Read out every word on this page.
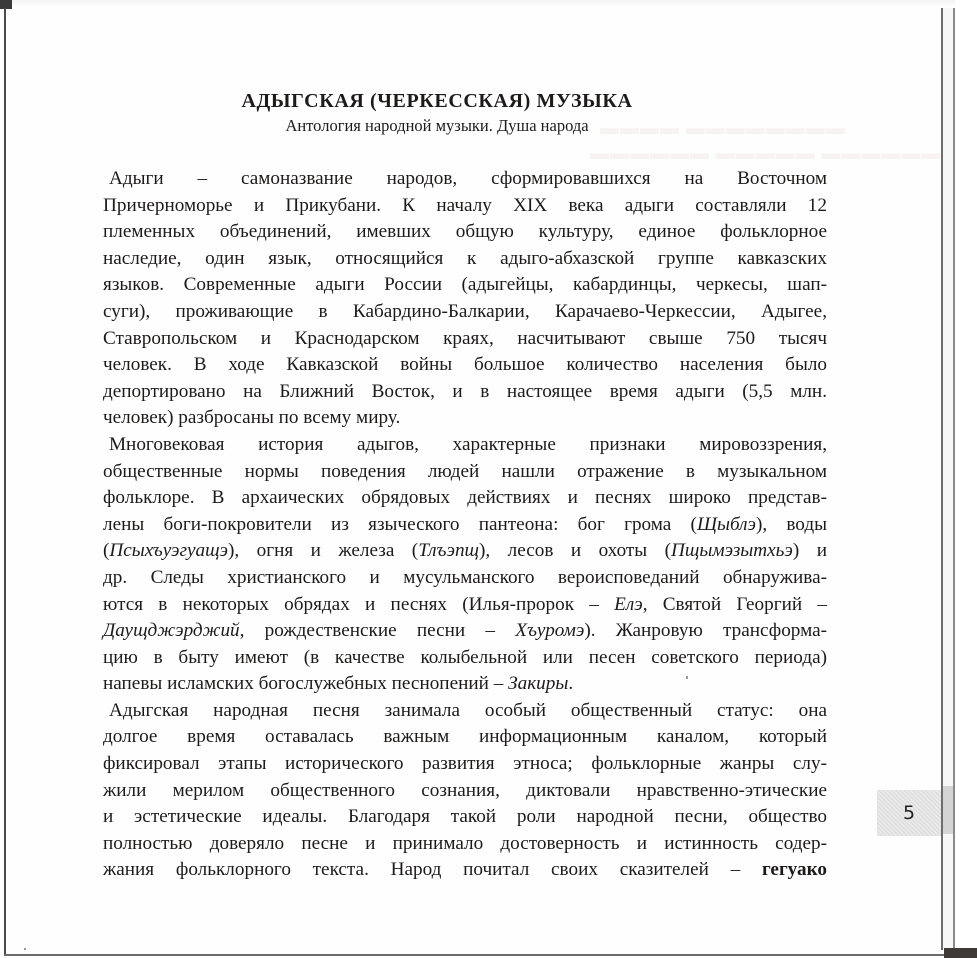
▬▬▬▬ ▬▬▬▬▬▬▬▬
▬▬▬▬▬▬ ▬▬▬▬▬ ▬▬▬▬▬▬
АДЫГСКАЯ (ЧЕРКЕССКАЯ) МУЗЫКА
Антология народной музыки. Душа народа
Адыги – самоназвание народов, сформировавшихся на Восточном
Причерноморье и Прикубани. К началу XIX века адыги составляли 12
племенных объединений, имевших общую культуру, единое фольклорное
наследие, один язык, относящийся к адыго-абхазской группе кавказских
языков. Современные адыги России (адыгейцы, кабардинцы, черкесы, шап-
суги), проживающие в Кабардино-Балкарии, Карачаево-Черкессии, Адыгее,
Ставропольском и Краснодарском краях, насчитывают свыше 750 тысяч
человек. В ходе Кавказской войны большое количество населения было
депортировано на Ближний Восток, и в настоящее время адыги (5,5 млн.
человек) разбросаны по всему миру.
Многовековая история адыгов, характерные признаки мировоззрения,
общественные нормы поведения людей нашли отражение в музыкальном
фольклоре. В архаических обрядовых действиях и песнях широко представ-
лены боги-покровители из языческого пантеона: бог грома (Щыблэ), воды
(Псыхъуэгуащэ), огня и железа (Тлъэпщ), лесов и охоты (Пщымэзытхьэ) и
др. Следы христианского и мусульманского вероисповеданий обнаружива-
ются в некоторых обрядах и песнях (Илья-пророк – Елэ, Святой Георгий –
Даущджэрджий, рождественские песни – Хъуромэ). Жанровую трансформа-
цию в быту имеют (в качестве колыбельной или песен советского периода)
напевы исламских богослужебных песнопений – Закиры.
Адыгская народная песня занимала особый общественный статус: она
долгое время оставалась важным информационным каналом, который
фиксировал этапы исторического развития этноса; фольклорные жанры слу-
жили мерилом общественного сознания, диктовали нравственно-этические
и эстетические идеалы. Благодаря такой роли народной песни, общество
полностью доверяло песне и принимало достоверность и истинность содер-
жания фольклорного текста. Народ почитал своих сказителей – гегуако
5
